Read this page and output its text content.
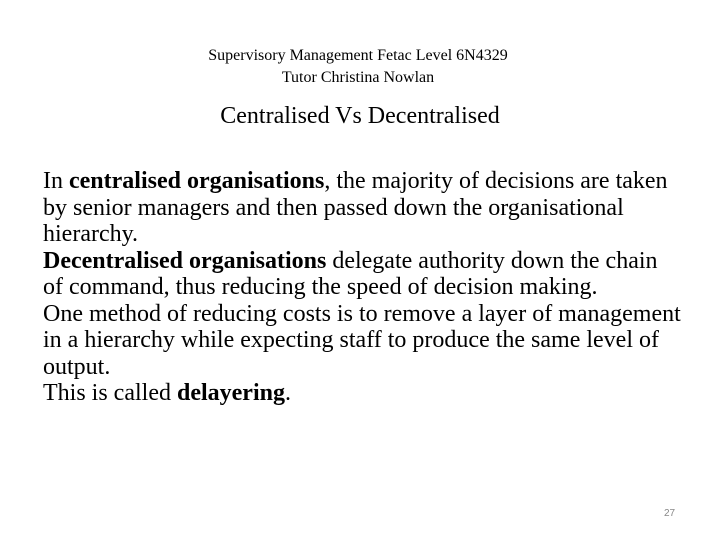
Supervisory Management Fetac Level 6N4329
Tutor Christina Nowlan
Centralised Vs Decentralised

In centralised organisations, the majority of decisions are taken by senior managers and then passed down the organisational hierarchy.

Decentralised organisations delegate authority down the chain of command, thus reducing the speed of decision making.

One method of reducing costs is to remove a layer of management in a hierarchy while expecting staff to produce the same level of output.

This is called delayering.

27
